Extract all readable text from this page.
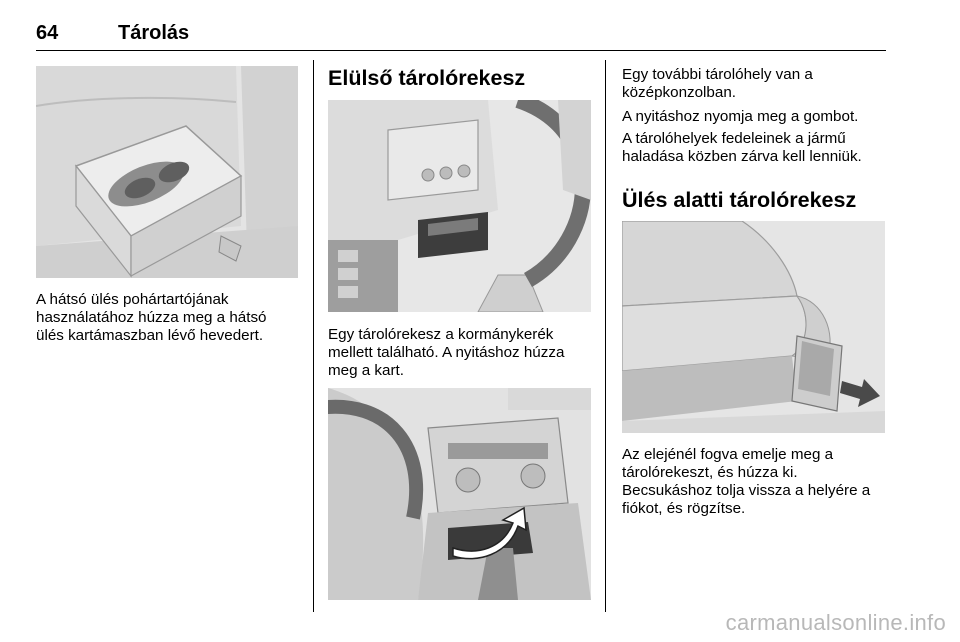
64	Tárolás

A hátsó ülés pohártartójának használatához húzza meg a hátsó ülés kartámaszban lévő hevedert.

Elülső tárolórekesz

Egy tárolórekesz a kormánykerék mellett található. A nyitáshoz húzza meg a kart.

Egy további tárolóhely van a középkonzolban.

A nyitáshoz nyomja meg a gombot.

A tárolóhelyek fedeleinek a jármű haladása közben zárva kell lenniük.

Ülés alatti tárolórekesz

Az elejénél fogva emelje meg a tárolórekeszt, és húzza ki.

Becsukáshoz tolja vissza a helyére a fiókot, és rögzítse.

carmanualsonline.info
